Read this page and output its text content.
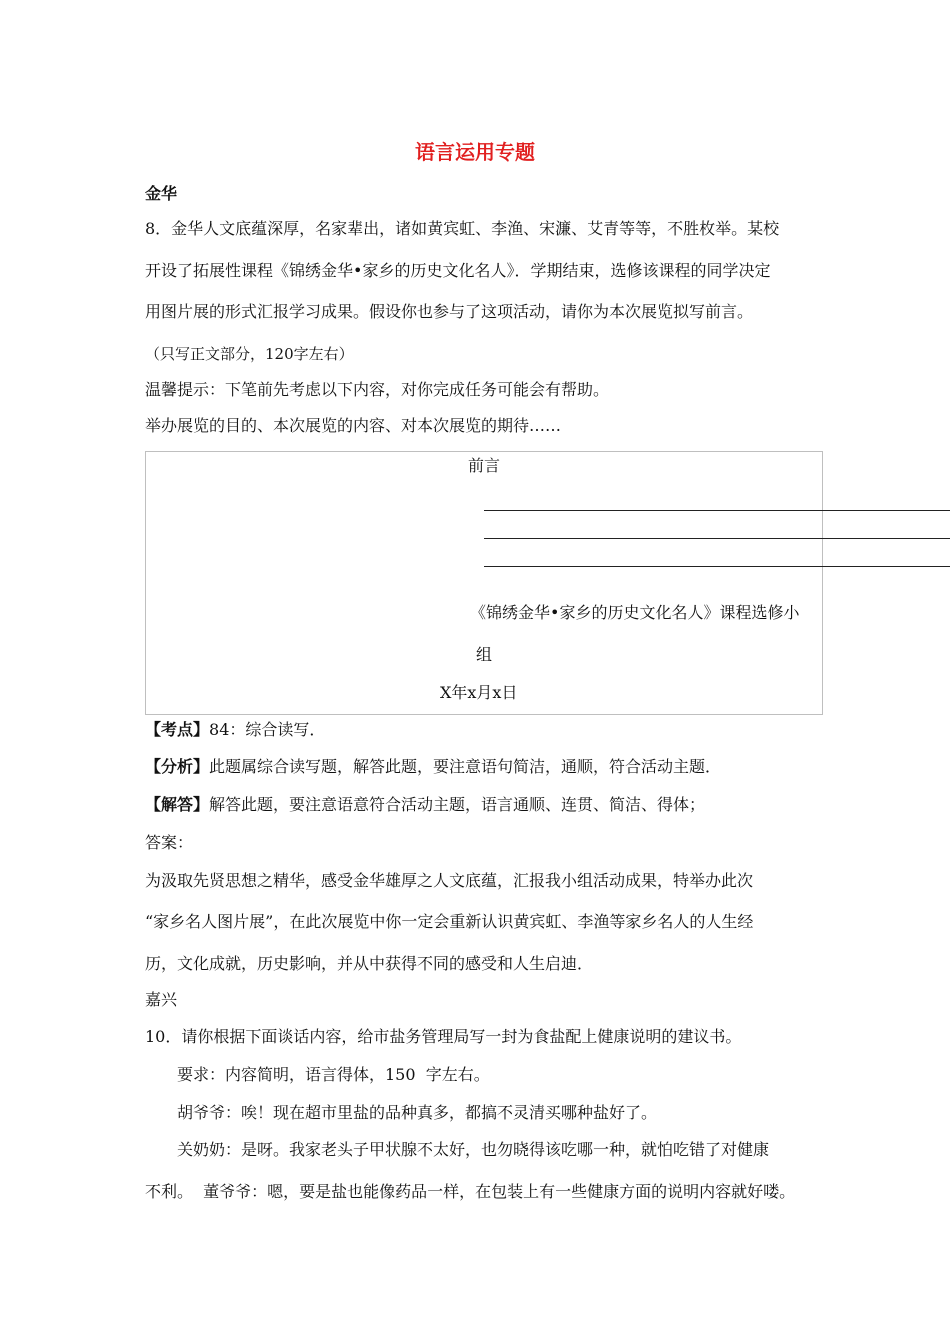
语言运用专题
金华
8．金华人文底蕴深厚，名家辈出，诸如黄宾虹、李渔、宋濂、艾青等等，不胜枚举。某校
开设了拓展性课程《锦绣金华•家乡的历史文化名人》．学期结束，选修该课程的同学决定
用图片展的形式汇报学习成果。假设你也参与了这项活动，请你为本次展览拟写前言。
（只写正文部分，120字左右）
温馨提示：下笔前先考虑以下内容，对你完成任务可能会有帮助。
举办展览的目的、本次展览的内容、对本次展览的期待……
前言
《锦绣金华•家乡的历史文化名人》课程选修小
组
X年x月x日
【考点】84：综合读写．
【分析】此题属综合读写题，解答此题，要注意语句简洁，通顺，符合活动主题．
【解答】解答此题，要注意语意符合活动主题，语言通顺、连贯、简洁、得体；
答案：
为汲取先贤思想之精华，感受金华雄厚之人文底蕴，汇报我小组活动成果，特举办此次
“家乡名人图片展”，在此次展览中你一定会重新认识黄宾虹、李渔等家乡名人的人生经
历，文化成就，历史影响，并从中获得不同的感受和人生启迪．
嘉兴
10．请你根据下面谈话内容，给市盐务管理局写一封为食盐配上健康说明的建议书。
要求：内容简明，语言得体，150  字左右。
胡爷爷：唉！现在超市里盐的品种真多，都搞不灵清买哪种盐好了。
关奶奶：是呀。我家老头子甲状腺不太好，也勿晓得该吃哪一种，就怕吃错了对健康
不利。  董爷爷：嗯，要是盐也能像药品一样，在包装上有一些健康方面的说明内容就好喽。
